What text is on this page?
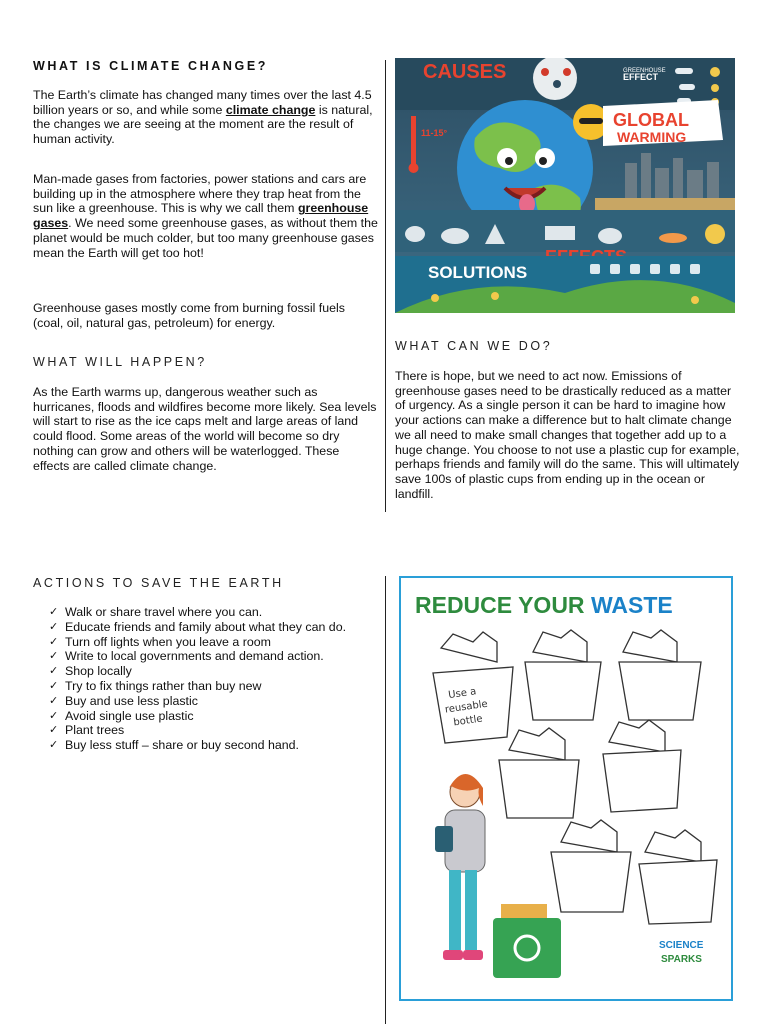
WHAT IS CLIMATE CHANGE?

The Earth’s climate has changed many times over the last 4.5 billion years or so, and while some climate change is natural, the changes we are seeing at the moment are the result of human activity.

Man-made gases from factories, power stations and cars are building up in the atmosphere where they trap heat from the sun like a greenhouse. This is why we call them greenhouse gases. We need some greenhouse gases, as without them the planet would be much colder, but too many greenhouse gases mean the Earth will get too hot!

Greenhouse gases mostly come from burning fossil fuels (coal, oil, natural gas, petroleum) for energy.

WHAT WILL HAPPEN?

As the Earth warms up, dangerous weather such as hurricanes, floods and wildfires become more likely. Sea levels will start to rise as the ice caps melt and large areas of land could flood. Some areas of the world will become so dry nothing can grow and others will be waterlogged. These effects are called climate change.

CAUSES	GREENHOUSE
EFFECT
11-15°
GLOBAL
WARMING
SOLUTIONS
WHAT CAN WE DO?

There is hope, but we need to act now. Emissions of greenhouse gases need to be drastically reduced as a matter of urgency. As a single person it can be hard to imagine how your actions can make a difference but to halt climate change we all need to make small changes that together add up to a huge change. You choose to not use a plastic cup for example, perhaps friends and family will do the same. This will ultimately save 100s of plastic cups from ending up in the ocean or landfill.

ACTIONS TO SAVE THE EARTH
✓ Walk or share travel where you can.
✓ Educate friends and family about what they can do.
✓ Turn off lights when you leave a room
✓ Write to local governments and demand action.
✓ Shop locally
✓ Try to fix things rather than buy new
✓ Buy and use less plastic
✓ Avoid single use plastic
✓ Plant trees
✓ Buy less stuff – share or buy second hand.
REDUCE YOUR WASTE
Use a
reusable
bottle
SCIENCE
SPARKS
